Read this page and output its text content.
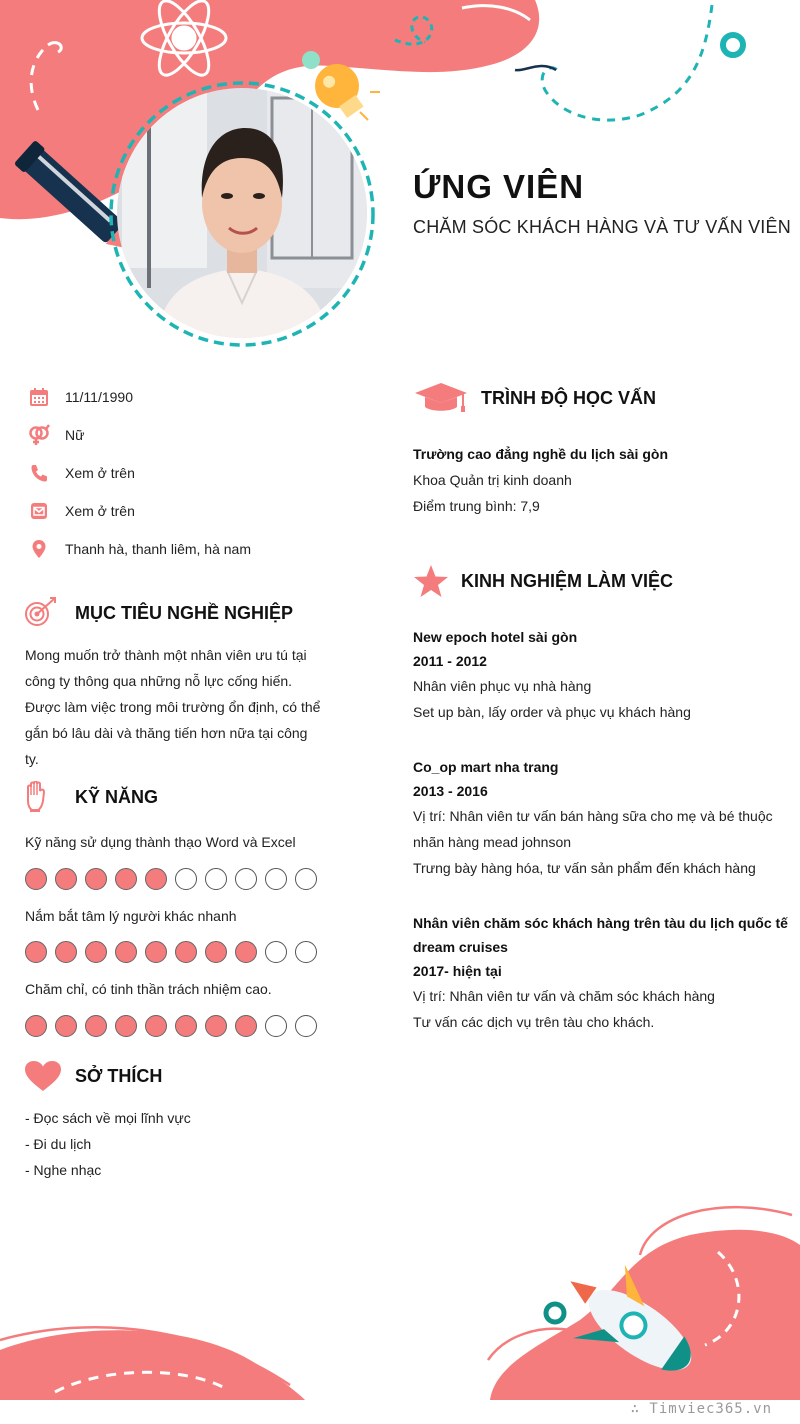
ỨNG VIÊN
CHĂM SÓC KHÁCH HÀNG VÀ TƯ VẤN VIÊN
11/11/1990
Nữ
Xem ở trên
Xem ở trên
Thanh hà, thanh liêm, hà nam
MỤC TIÊU NGHỀ NGHIỆP
Mong muốn trở thành một nhân viên ưu tú tại
công ty thông qua những nỗ lực cống hiến.
Được làm việc trong môi trường ổn định, có thể
gắn bó lâu dài và thăng tiến hơn nữa tại công
ty.
KỸ NĂNG
Kỹ năng sử dụng thành thạo Word và Excel
Nắm bắt tâm lý người khác nhanh
Chăm chỉ, có tinh thần trách nhiệm cao.
SỞ THÍCH
- Đọc sách về mọi lĩnh vực
- Đi du lịch
- Nghe nhạc
TRÌNH ĐỘ HỌC VẤN
Trường cao đẳng nghề du lịch sài gòn
Khoa Quản trị kinh doanh
Điểm trung bình: 7,9
KINH NGHIỆM LÀM VIỆC
New epoch hotel sài gòn
2011 - 2012
Nhân viên phục vụ nhà hàng
Set up bàn, lấy order và phục vụ khách hàng
Co_op mart nha trang
2013 - 2016
Vị trí: Nhân viên tư vấn bán hàng sữa cho mẹ và bé thuộc
nhãn hàng mead johnson
Trưng bày hàng hóa, tư vấn sản phẩm đến khách hàng
Nhân viên chăm sóc khách hàng trên tàu du lịch quốc tế
dream cruises
2017- hiện tại
Vị trí: Nhân viên tư vấn và chăm sóc khách hàng
Tư vấn các dịch vụ trên tàu cho khách.
∴ Timviec365.vn
